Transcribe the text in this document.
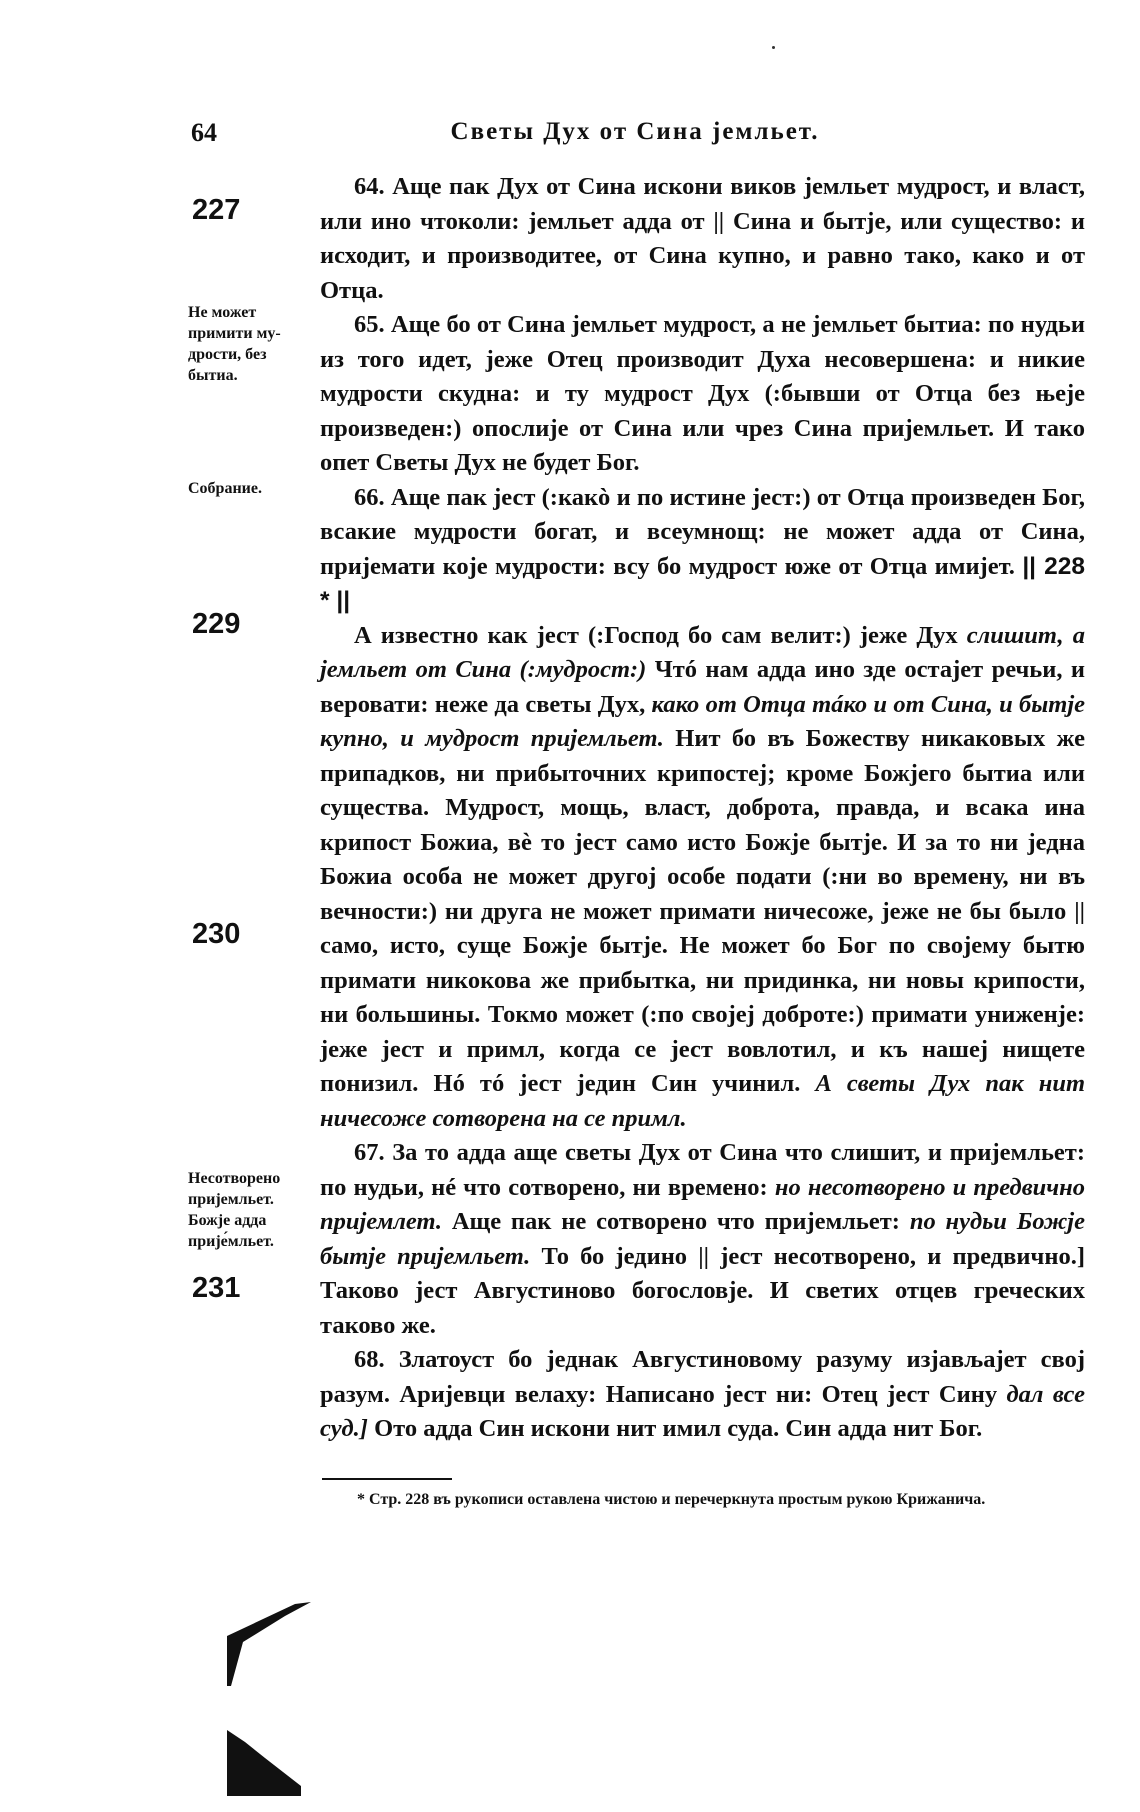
64	Светы Дух от Сина јемльет.
227
Не может примити му-дрости, без бытиа.
Собрание.
229
230
Несотворено пријемльет. Божје адда прије́мльет.
231

64. Аще пак Дух от Сина искони виков јемльет мудрост, и власт, или ино чтоколи: јемльет адда от || Сина и бытје, или существо: и исходит, и производитее, от Сина купно, и равно тако, како и от Отца.

65. Аще бо от Сина јемльет мудрост, а не јемльет бытиа: по нудьи из того идет, јеже Отец производит Духа несовершена: и никие мудрости скудна: и ту мудрост Дух (:бывши от Отца без њеје произведен:) опослије от Сина или чрез Сина пријемльет. И тако опет Светы Дух не будет Бог.

66. Аще пак јест (:какò и по истине јест:) от Отца произведен Бог, всакие мудрости богат, и всеумнощ: не может адда от Сина, пријемати које мудрости: всу бо мудрост юже от Отца имијет. || 228 * ||

А известно как јест (:Господ бо сам велит:) јеже Дух слишит, а јемльет от Сина (:мудрост:) Чтó нам адда ино зде остајет речьи, и веровати: неже да светы Дух, како от Отца тáко и от Сина, и бытје купно, и мудрост пријемльет. Нит бо въ Божеству никаковых же припадков, ни прибыточних крипостеј; кроме Божјего бытиа или существа. Мудрост, мощь, власт, доброта, правда, и всака ина крипост Божиа, вѐ то јест само исто Божје бытје. И за то ни једна Божиа особа не может другој особе подати (:ни во времену, ни въ вечности:) ни друга не может примати ничесоже, јеже не бы было || само, исто, суще Божје бытје. Не может бо Бог по својему бытю примати никокова же прибытка, ни придинка, ни новы крипости, ни большины. Токмо может (:по својеј доброте:) примати униженје: јеже јест и примл, когда се јест вовлотил, и къ нашеј нищете понизил. Нó тó јест једин Син учинил. А светы Дух пак нит ничесоже сотворена на се примл.

67. За то адда аще светы Дух от Сина что слишит, и пријемльет: по нудьи, нé что сотворено, ни времено: но несотворено и предвично пријемлет. Аще пак не сотворено что пријемльет: по нудьи Божје бытје пријемльет. То бо једино || јест несотворено, и предвично.] Таково јест Августиново богословје. И светих отцев греческих таково же.

68. Златоуст бо једнак Августиновому разуму изјављајет свој разум. Аријевци велаху: Написано јест ни: Отец јест Сину дал все суд.] Ото адда Син искони нит имил суда. Син адда нит Бог.

* Стр. 228 въ рукописи оставлена чистою и перечеркнута простым рукою Крижанича.
